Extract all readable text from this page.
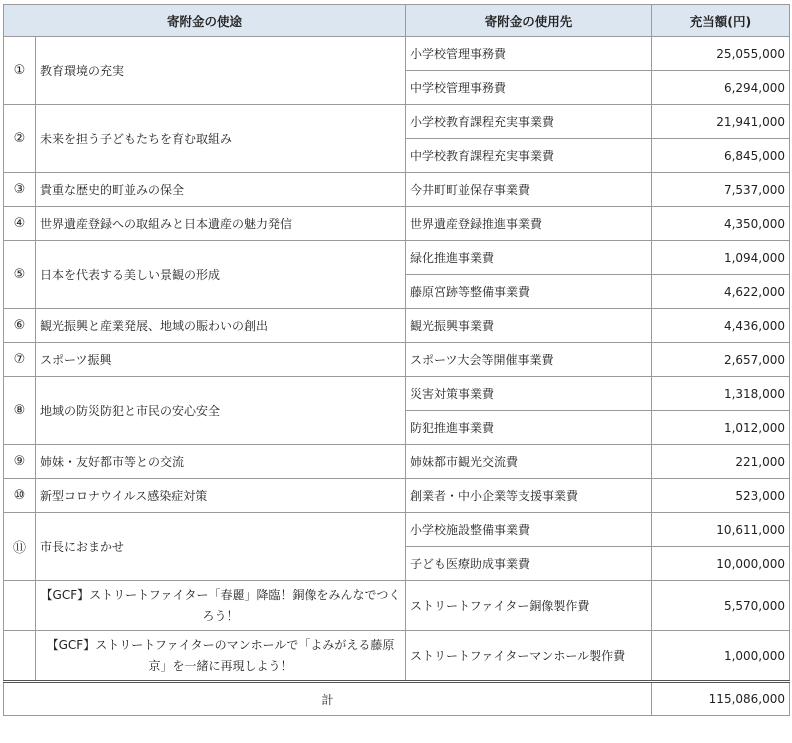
寄附金の使途		寄附金の使用先	充当額(円)
①	教育環境の充実	小学校管理事務費	25,055,000
		中学校管理事務費	6,294,000
②	未来を担う子どもたちを育む取組み	小学校教育課程充実事業費	21,941,000
		中学校教育課程充実事業費	6,845,000
③	貴重な歴史的町並みの保全	今井町町並保存事業費	7,537,000
④	世界遺産登録への取組みと日本遺産の魅力発信	世界遺産登録推進事業費	4,350,000
⑤	日本を代表する美しい景観の形成	緑化推進事業費	1,094,000
		藤原宮跡等整備事業費	4,622,000
⑥	観光振興と産業発展、地域の賑わいの創出	観光振興事業費	4,436,000
⑦	スポーツ振興	スポーツ大会等開催事業費	2,657,000
⑧	地域の防災防犯と市民の安心安全	災害対策事業費	1,318,000
		防犯推進事業費	1,012,000
⑨	姉妹・友好都市等との交流	姉妹都市観光交流費	221,000
⑩	新型コロナウイルス感染症対策	創業者・中小企業等支援事業費	523,000
⑪	市長におまかせ	小学校施設整備事業費	10,611,000
		子ども医療助成事業費	10,000,000
	【GCF】ストリートファイター「春麗」降臨！銅像をみんなでつくろう！	ストリートファイター銅像製作費	5,570,000
	【GCF】ストリートファイターのマンホールで「よみがえる藤原京」を一緒に再現しよう！	ストリートファイターマンホール製作費	1,000,000
計			115,086,000
